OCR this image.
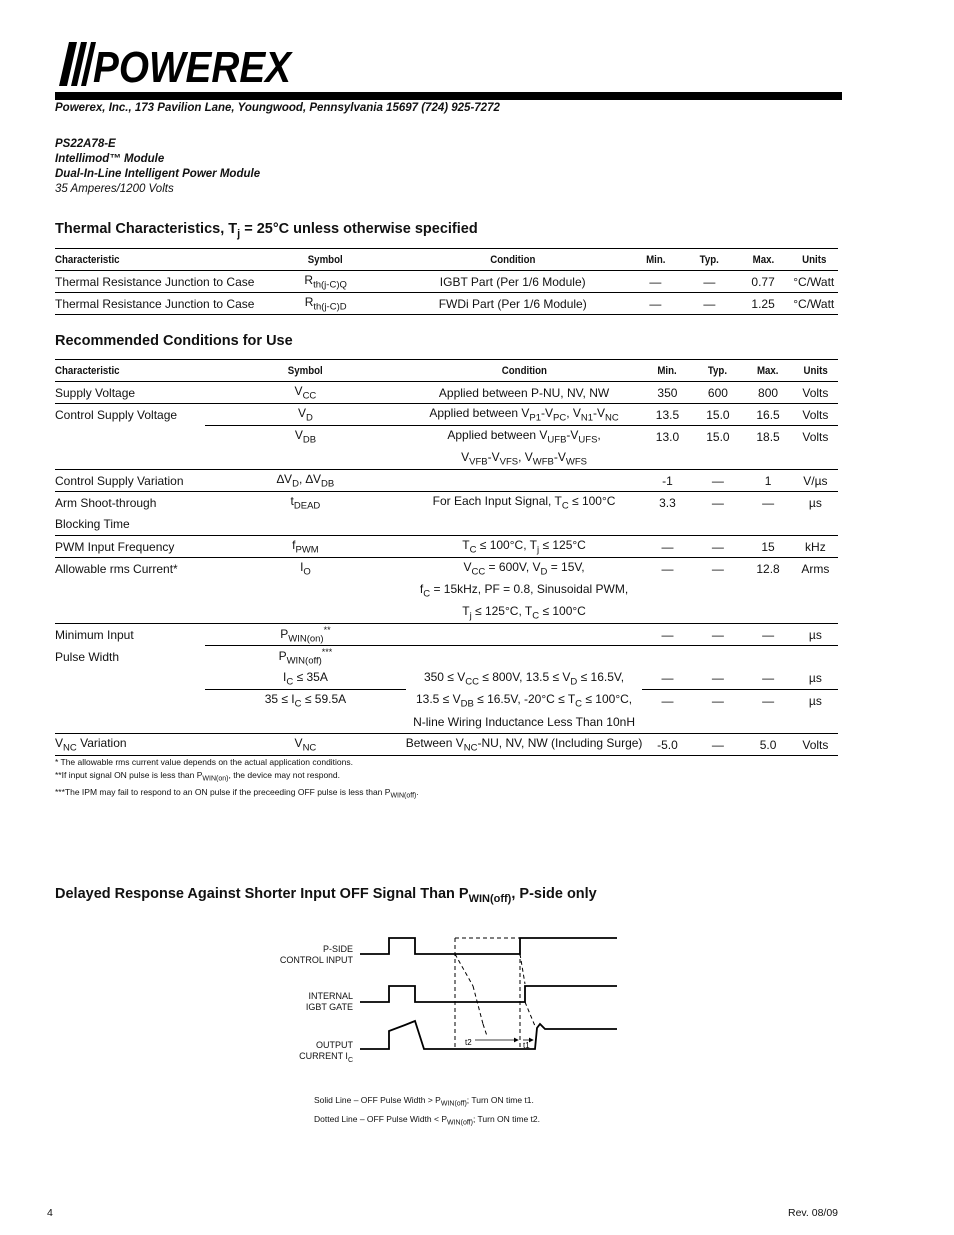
POWEREX
Powerex, Inc., 173 Pavilion Lane, Youngwood, Pennsylvania 15697 (724) 925-7272
PS22A78-E
Intellimod™ Module
Dual-In-Line Intelligent Power Module
35 Amperes/1200 Volts
Thermal Characteristics, $T_j = 25^\circ C$ unless otherwise specified
Characteristic	Symbol	Condition	Min.	Typ.	Max.	Units
Thermal Resistance Junction to Case	$R_{th(j-C)Q}$	IGBT Part (Per 1/6 Module)	—	—	0.77	°C/Watt
Thermal Resistance Junction to Case	$R_{th(j-C)D}$	FWDi Part (Per 1/6 Module)	—	—	1.25	°C/Watt
Recommended Conditions for Use
Characteristic	Symbol	Condition	Min.	Typ.	Max.	Units
Supply Voltage	$V_{CC}$	Applied between P-NU, NV, NW	350	600	800	Volts
Control Supply Voltage	$V_D$	Applied between $V_{P1}-V_{PC}$, $V_{N1}-V_{NC}$	13.5	15.0	16.5	Volts
	$V_{DB}$	Applied between $V_{UFB}-V_{UFS}$,	13.0	15.0	18.5	Volts
		$V_{VFB}-V_{VFS}$, $V_{WFB}-V_{WFS}$				
Control Supply Variation	$\Delta V_D$, $\Delta V_{DB}$		-1	—	1	V/µs
Arm Shoot-through	$t_{DEAD}$	For Each Input Signal, $T_C \le 100^\circ C$	3.3	—	—	µs
Blocking Time						
PWM Input Frequency	$f_{PWM}$	$T_C \le 100^\circ C$, $T_j \le 125^\circ C$	—	—	15	kHz
Allowable rms Current*	$I_O$	$V_{CC} = 600V$, $V_D = 15V$,	—	—	12.8	Arms
		$f_C = 15kHz$, PF = 0.8, Sinusoidal PWM,				
		$T_j \le 125^\circ C$, $T_C \le 100^\circ C$				
Minimum Input	$P_{WIN(on)}^{**}$		—	—	—	µs
Pulse Width	$P_{WIN(off)}^{***}$					
	$I_C \le 35A$	$350 \le V_{CC} \le 800V$, $13.5 \le V_D \le 16.5V$,	—	—	—	µs
	$35 \le I_C \le 59.5A$	$13.5 \le V_{DB} \le 16.5V$, $-20^\circ C \le T_C \le 100^\circ C$,	—	—	—	µs
		N-line Wiring Inductance Less Than 10nH				
$V_{NC}$ Variation	$V_{NC}$	Between $V_{NC}-NU$, NV, NW (Including Surge)	-5.0	—	5.0	Volts
* The allowable rms current value depends on the actual application conditions.
**If input signal ON pulse is less than $P_{WIN(on)}$, the device may not respond.
***The IPM may fail to respond to an ON pulse if the preceeding OFF pulse is less than $P_{WIN(off)}$.
Delayed Response Against Shorter Input OFF Signal Than $P_{WIN(off)}$, P-side only
P-SIDE
CONTROL INPUT
INTERNAL
IGBT GATE
OUTPUT
CURRENT $I_C$
t2	t1
Solid Line – OFF Pulse Width > $P_{WIN(off)}$; Turn ON time t1.
Dotted Line – OFF Pulse Width < $P_{WIN(off)}$; Turn ON time t2.
4	Rev. 08/09
